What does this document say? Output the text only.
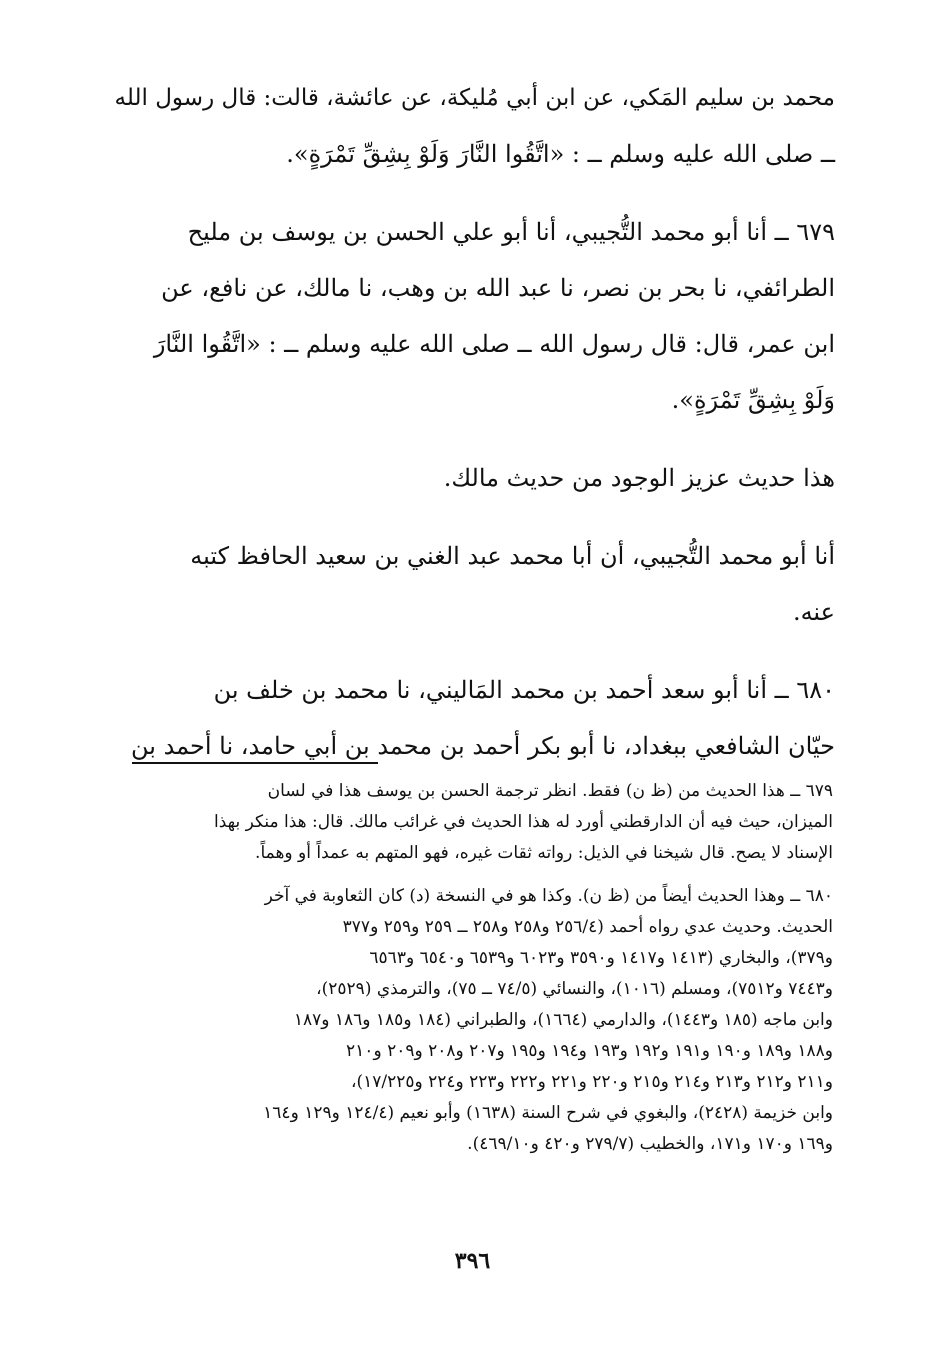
محمد بن سليم المَكي، عن ابن أبي مُليكة، عن عائشة، قالت: قال رسول الله
ــ صلى الله عليه وسلم ــ : «اتَّقُوا النَّارَ وَلَوْ بِشِقِّ تَمْرَةٍ».

٦٧٩ ــ أنا أبو محمد التُّجيبي، أنا أبو علي الحسن بن يوسف بن مليح
الطرائفي، نا بحر بن نصر، نا عبد الله بن وهب، نا مالك، عن نافع، عن
ابن عمر، قال: قال رسول الله ــ صلى الله عليه وسلم ــ : «اتَّقُوا النَّارَ
وَلَوْ بِشِقِّ تَمْرَةٍ».

هذا حديث عزيز الوجود من حديث مالك.

أنا أبو محمد التُّجيبي، أن أبا محمد عبد الغني بن سعيد الحافظ كتبه
عنه.

٦٨٠ ــ أنا أبو سعد أحمد بن محمد المَاليني، نا محمد بن خلف بن
حيّان الشافعي ببغداد، نا أبو بكر أحمد بن محمد بن أبي حامد، نا أحمد بن

٦٧٩ ــ هذا الحديث من (ظ ن) فقط. انظر ترجمة الحسن بن يوسف هذا في لسان
الميزان، حيث فيه أن الدارقطني أورد له هذا الحديث في غرائب مالك. قال: هذا منكر بهذا
الإسناد لا يصح. قال شيخنا في الذيل: رواته ثقات غيره، فهو المتهم به عمداً أو وهماً.
٦٨٠ ــ وهذا الحديث أيضاً من (ظ ن). وكذا هو في النسخة (د) كان الثعاوبة في آخر
الحديث. وحديث عدي رواه أحمد (٢٥٦/٤ و٢٥٨ و٢٥٨ ــ ٢٥٩ و٢٥٩ و٣٧٧
و٣٧٩)، والبخاري (١٤١٣ و١٤١٧ و٣٥٩٠ و٦٠٢٣ و٦٥٣٩ و٦٥٤٠ و٦٥٦٣
و٧٤٤٣ و٧٥١٢)، ومسلم (١٠١٦)، والنسائي (٧٤/٥ ــ ٧٥)، والترمذي (٢٥٢٩)،
وابن ماجه (١٨٥ و١٤٤٣)، والدارمي (١٦٦٤)، والطبراني (١٨٤ و١٨٥ و١٨٦ و١٨٧
و١٨٨ و١٨٩ و١٩٠ و١٩١ و١٩٢ و١٩٣ و١٩٤ و١٩٥ و٢٠٧ و٢٠٨ و٢٠٩ و٢١٠
و٢١١ و٢١٢ و٢١٣ و٢١٤ و٢١٥ و٢٢٠ و٢٢١ و٢٢٢ و٢٢٣ و٢٢٤ و١٧/٢٢٥)،
وابن خزيمة (٢٤٢٨)، والبغوي في شرح السنة (١٦٣٨) وأبو نعيم (١٢٤/٤ و١٢٩ و١٦٤
و١٦٩ و١٧٠ و١٧١، والخطيب (٢٧٩/٧ و٤٢٠ و٤٦٩/١٠).
٣٩٦
